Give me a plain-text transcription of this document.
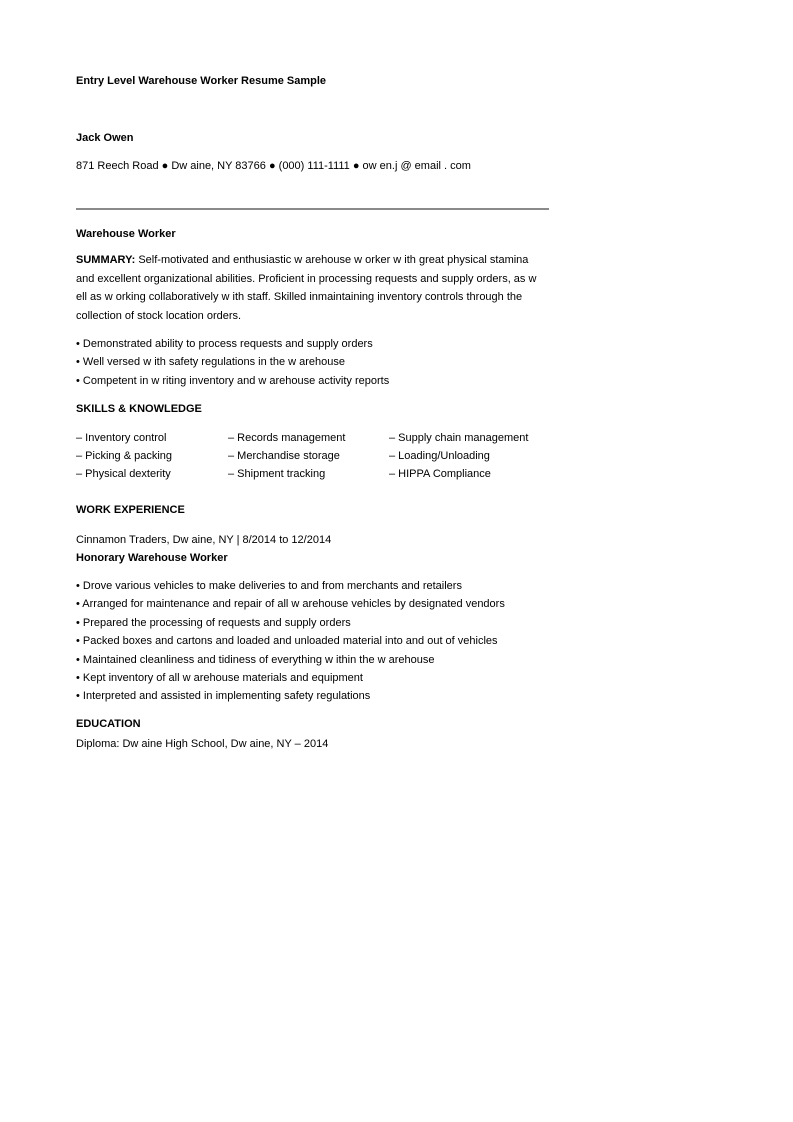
Entry Level Warehouse Worker Resume Sample
Jack Owen
871 Reech Road ● Dw aine, NY 83766 ● (000) 111-1111 ● ow en.j @ email . com
Warehouse Worker
SUMMARY: Self-motivated and enthusiastic w arehouse w orker w ith great physical stamina and excellent organizational abilities. Proficient in processing requests and supply orders, as w ell as w orking collaboratively w ith staff. Skilled inmaintaining inventory controls through the collection of stock location orders.
• Demonstrated ability to process requests and supply orders
• Well versed w ith safety regulations in the w arehouse
• Competent in w riting inventory and w arehouse activity reports
SKILLS & KNOWLEDGE
– Inventory control
– Picking & packing
– Physical dexterity
– Records management
– Merchandise storage
– Shipment tracking
– Supply chain management
– Loading/Unloading
– HIPPA Compliance
WORK EXPERIENCE
Cinnamon Traders, Dw aine, NY | 8/2014 to 12/2014
Honorary Warehouse Worker
• Drove various vehicles to make deliveries to and from merchants and retailers
• Arranged for maintenance and repair of all w arehouse vehicles by designated vendors
• Prepared the processing of requests and supply orders
• Packed boxes and cartons and loaded and unloaded material into and out of vehicles
• Maintained cleanliness and tidiness of everything w ithin the w arehouse
• Kept inventory of all w arehouse materials and equipment
• Interpreted and assisted in implementing safety regulations
EDUCATION
Diploma: Dw aine High School, Dw aine, NY – 2014
